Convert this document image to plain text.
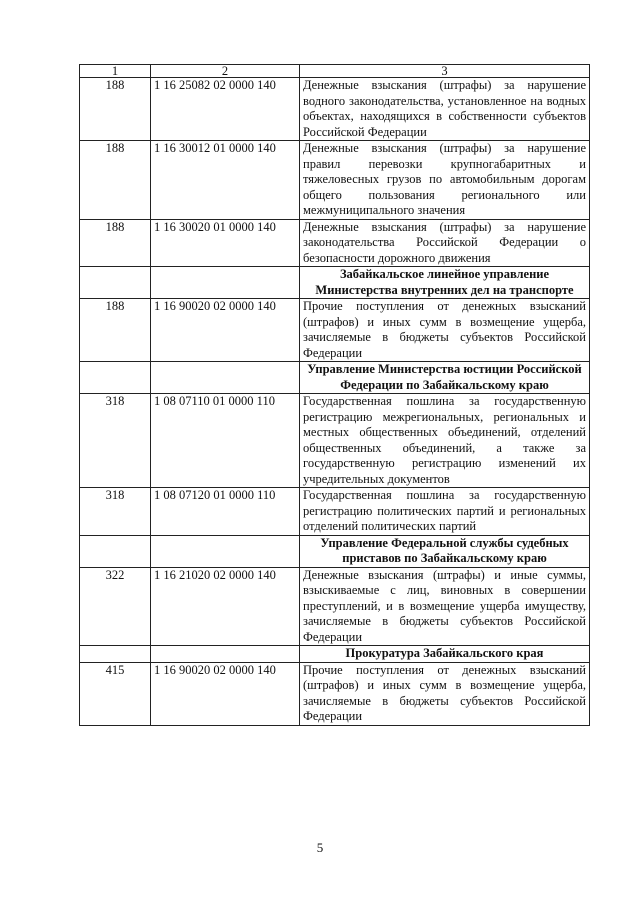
1	2	3
188	1 16 25082 02 0000 140	Денежные взыскания (штрафы) за нарушение водного законодательства, установленное на водных объектах, находящихся в собственности субъектов Российской Федерации
188	1 16 30012 01 0000 140	Денежные взыскания (штрафы) за нарушение правил перевозки крупногабаритных и тяжеловесных грузов по автомобильным дорогам общего пользования регионального или межмуниципального значения
188	1 16 30020 01 0000 140	Денежные взыскания (штрафы) за нарушение законодательства Российской Федерации о безопасности дорожного движения
		Забайкальское линейное управление Министерства внутренних дел на транспорте
188	1 16 90020 02 0000 140	Прочие поступления от денежных взысканий (штрафов) и иных сумм в возмещение ущерба, зачисляемые в бюджеты субъектов Российской Федерации
		Управление Министерства юстиции Российской Федерации по Забайкальскому краю
318	1 08 07110 01 0000 110	Государственная пошлина за государственную регистрацию межрегиональных, региональных и местных общественных объединений, отделений общественных объединений, а также за государственную регистрацию изменений их учредительных документов
318	1 08 07120 01 0000 110	Государственная пошлина за государственную регистрацию политических партий и региональных отделений политических партий
		Управление Федеральной службы судебных приставов по Забайкальскому краю
322	1 16 21020 02 0000 140	Денежные взыскания (штрафы) и иные суммы, взыскиваемые с лиц, виновных в совершении преступлений, и в возмещение ущерба имуществу, зачисляемые в бюджеты субъектов Российской Федерации
		Прокуратура Забайкальского края
415	1 16 90020 02 0000 140	Прочие поступления от денежных взысканий (штрафов) и иных сумм в возмещение ущерба, зачисляемые в бюджеты субъектов Российской Федерации
5
